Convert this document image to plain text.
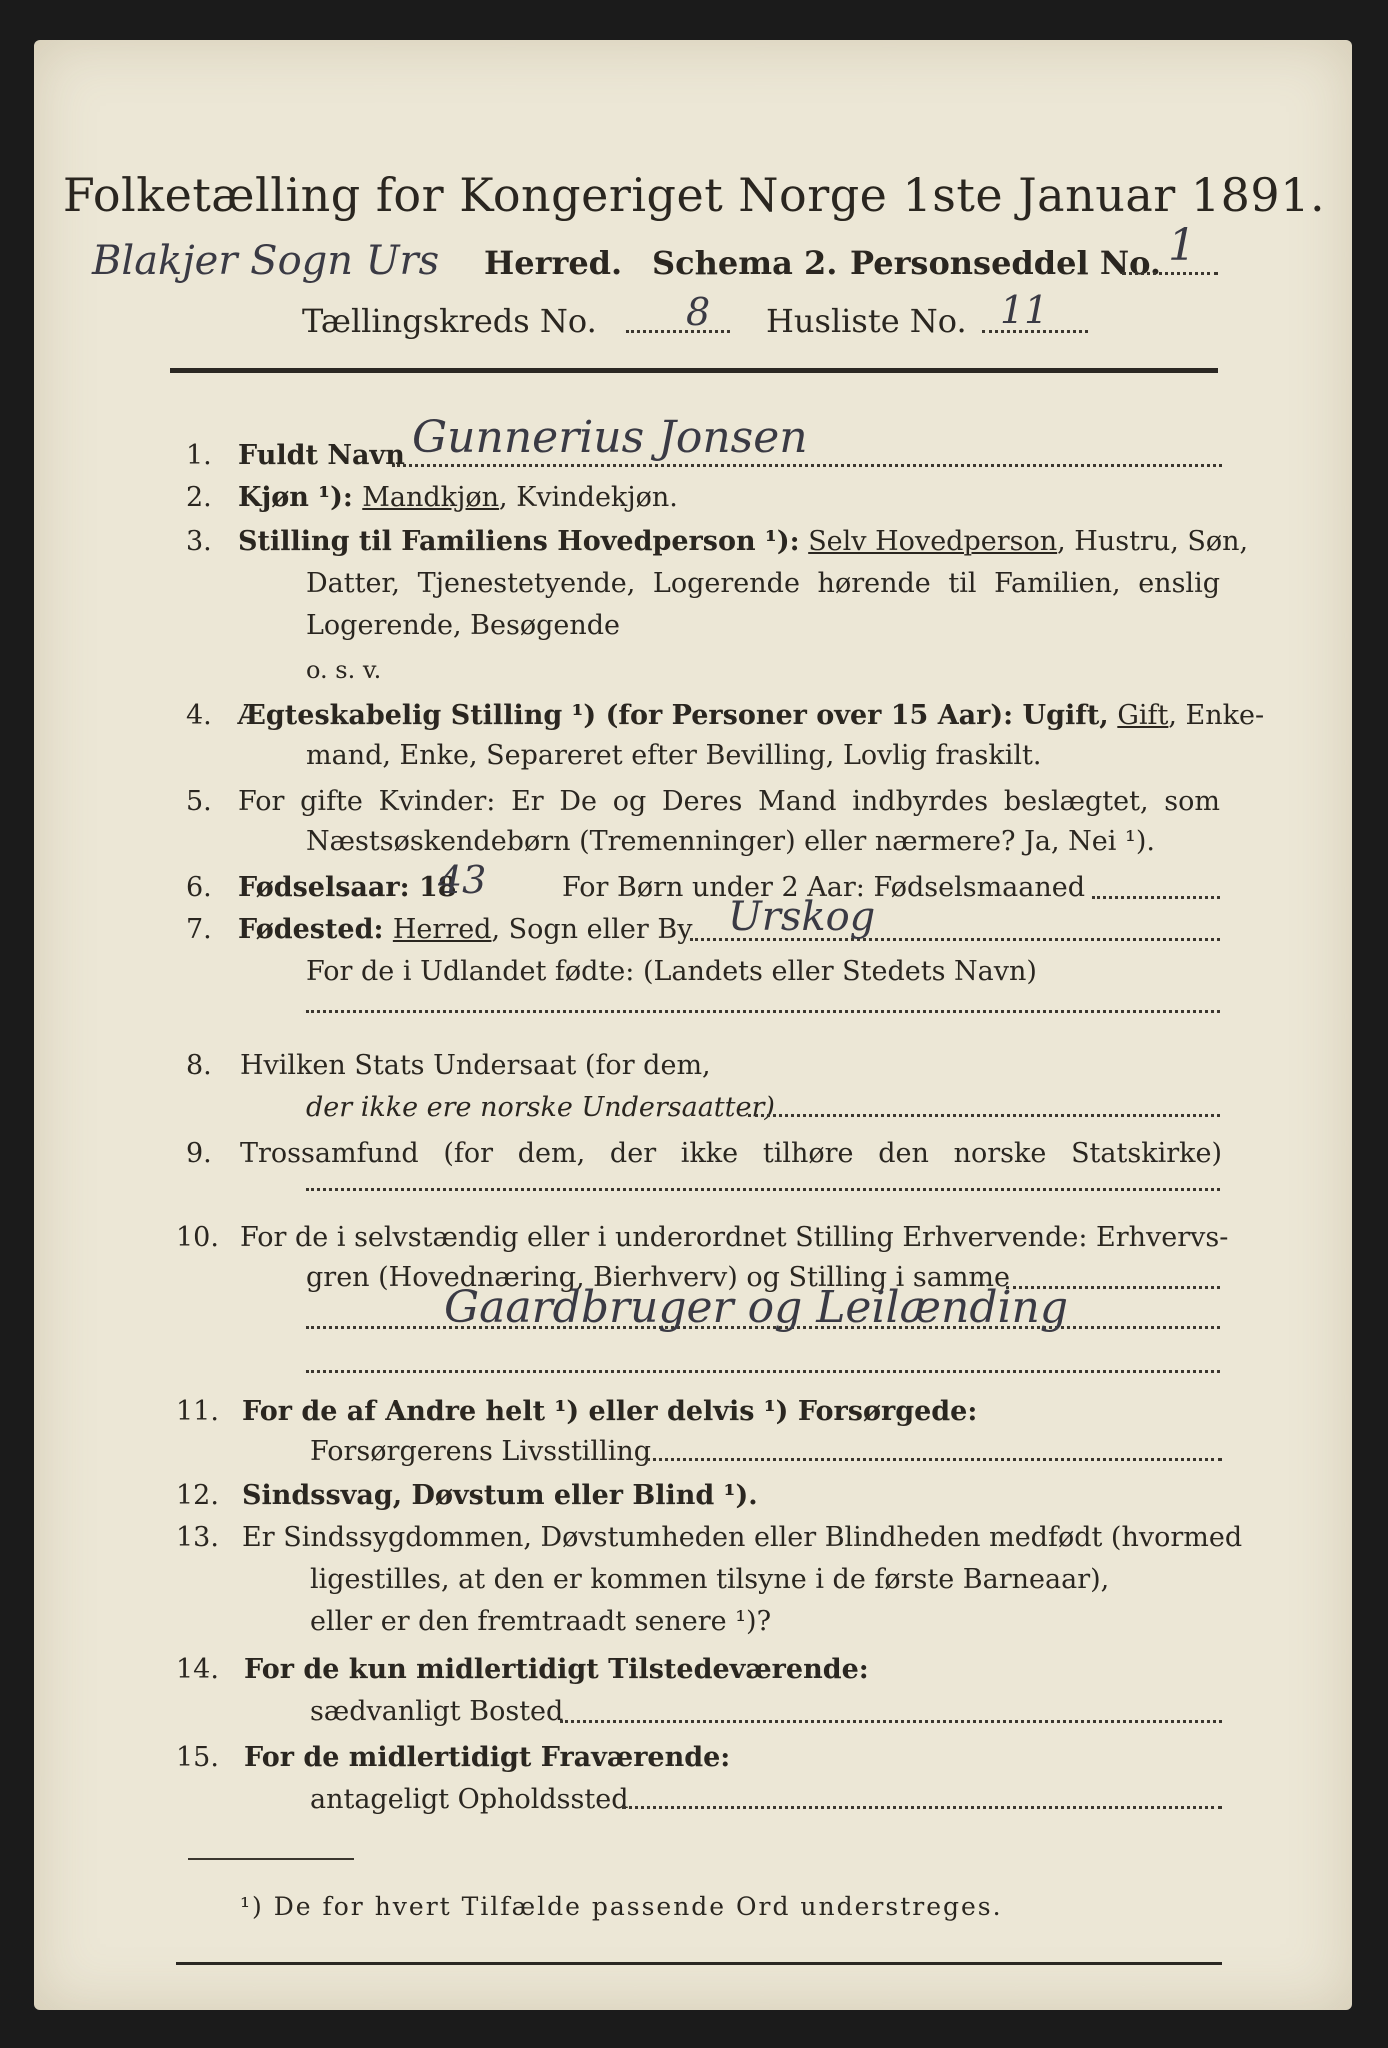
Folketælling for Kongeriget Norge 1ste Januar 1891.
Blakjer Sogn Urs Herred. Schema 2. Personseddel No. 1
Tællingskreds No. 8 Husliste No. 11
1. Fuldt Navn Gunnerius Jonsen
2. Kjøn ¹): Mandkjøn, Kvindekjøn.
3. Stilling til Familiens Hovedperson ¹): Selv Hovedperson, Hustru, Søn,
Datter, Tjenestetyende, Logerende hørende til Familien, enslig
Logerende, Besøgende
o. s. v.
4. Ægteskabelig Stilling ¹) (for Personer over 15 Aar): Ugift, Gift, Enke-
mand, Enke, Separeret efter Bevilling, Lovlig fraskilt.
5. For gifte Kvinder: Er De og Deres Mand indbyrdes beslægtet, som
Næstsøskendebørn (Tremenninger) eller nærmere? Ja, Nei ¹).
6. Fødselsaar: 18
43	For Børn under 2 Aar: Fødselsmaaned
7. Fødested: Herred, Sogn eller By Urskog
For de i Udlandet fødte: (Landets eller Stedets Navn)
8. Hvilken Stats Undersaat (for dem,
der ikke ere norske Undersaatter)
9. Trossamfund (for dem, der ikke tilhøre den norske Statskirke)
10. For de i selvstændig eller i underordnet Stilling Erhvervende: Erhvervs-
gren (Hovednæring, Bierhverv) og Stilling i samme
Gaardbruger og Leilænding
11. For de af Andre helt ¹) eller delvis ¹) Forsørgede:
Forsørgerens Livsstilling
12. Sindssvag, Døvstum eller Blind ¹).
13. Er Sindssygdommen, Døvstumheden eller Blindheden medfødt (hvormed
ligestilles, at den er kommen tilsyne i de første Barneaar),
eller er den fremtraadt senere ¹)?
14. For de kun midlertidigt Tilstedeværende:
sædvanligt Bosted
15. For de midlertidigt Fraværende:
antageligt Opholdssted
¹) De for hvert Tilfælde passende Ord understreges.
